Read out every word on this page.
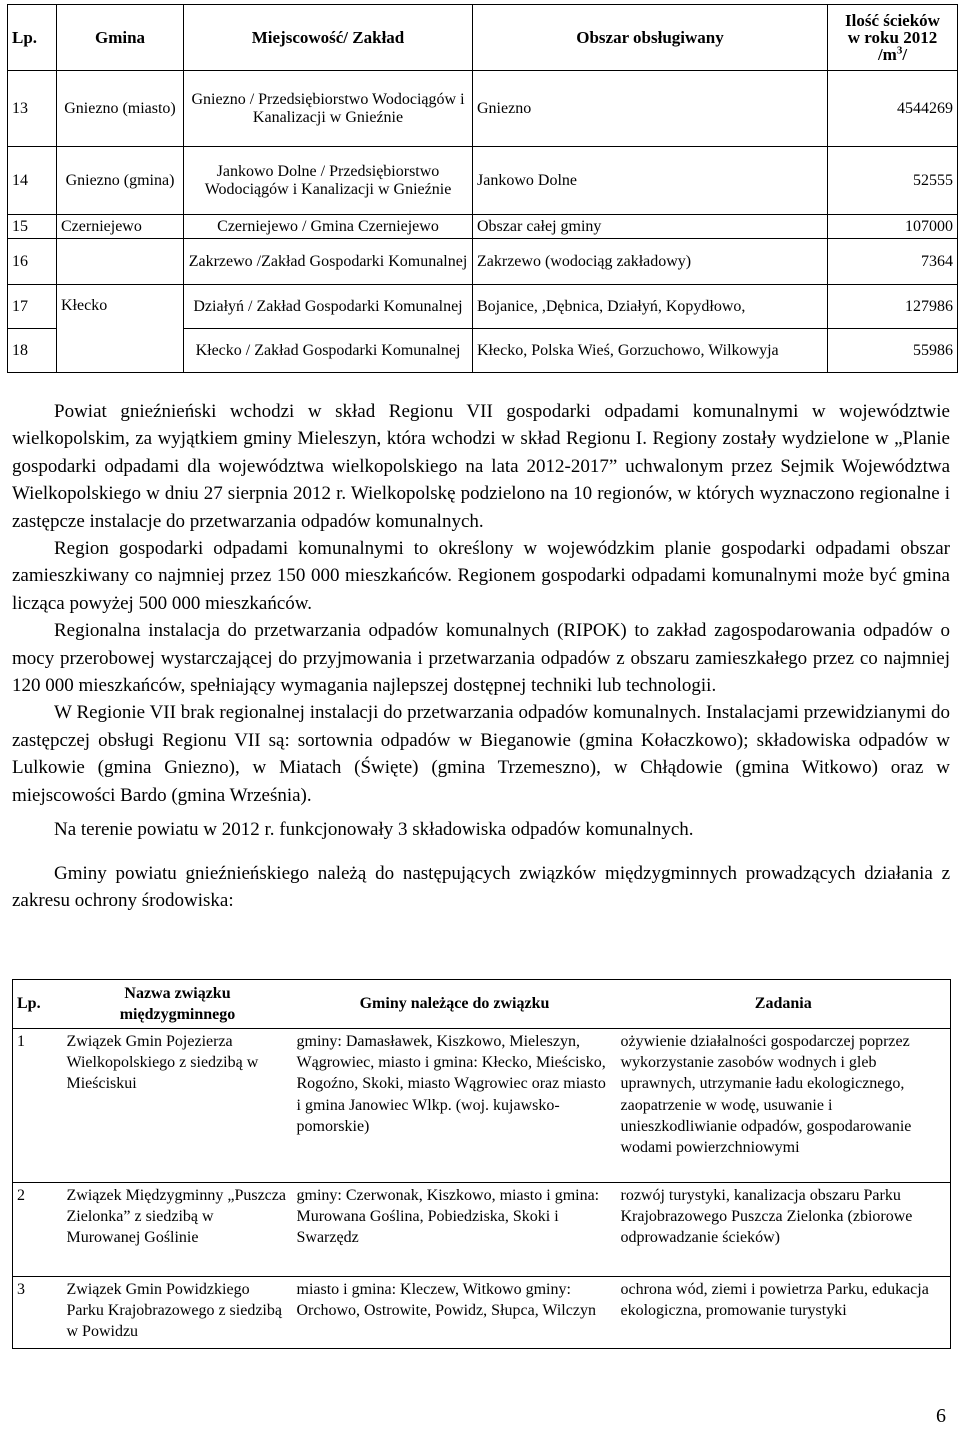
Lp.	Gmina	Miejscowość/ Zakład	Obszar obsługiwany	Ilość ścieków
w roku 2012
$/m^3/$
13	Gniezno (miasto)	Gniezno / Przedsiębiorstwo Wodociągów i Kanalizacji w Gnieźnie	Gniezno	4544269
14	Gniezno (gmina)	Jankowo Dolne / Przedsiębiorstwo Wodociągów i Kanalizacji w Gnieźnie	Jankowo Dolne	52555
15	Czerniejewo	Czerniejewo / Gmina Czerniejewo	Obszar całej gminy	107000
16		Zakrzewo /Zakład Gospodarki Komunalnej	Zakrzewo (wodociąg zakładowy)	7364
17	Kłecko	Działyń / Zakład Gospodarki Komunalnej	Bojanice, ,Dębnica, Działyń, Kopydłowo,	127986
18		Kłecko / Zakład Gospodarki Komunalnej	Kłecko, Polska Wieś, Gorzuchowo, Wilkowyja	55986

Powiat gnieźnieński wchodzi w skład Regionu VII gospodarki odpadami komunalnymi w województwie wielkopolskim, za wyjątkiem gminy Mieleszyn, która wchodzi w skład Regionu I. Regiony zostały wydzielone w „Planie gospodarki odpadami dla województwa wielkopolskiego na lata 2012-2017” uchwalonym przez Sejmik Województwa Wielkopolskiego w dniu 27 sierpnia 2012 r. Wielkopolskę podzielono na 10 regionów, w których wyznaczono regionalne i zastępcze instalacje do przetwarzania odpadów komunalnych.

Region gospodarki odpadami komunalnymi to określony w wojewódzkim planie gospodarki odpadami obszar zamieszkiwany co najmniej przez 150 000 mieszkańców. Regionem gospodarki odpadami komunalnymi może być gmina licząca powyżej 500 000 mieszkańców.

Regionalna instalacja do przetwarzania odpadów komunalnych (RIPOK) to zakład zagospodarowania odpadów o mocy przerobowej wystarczającej do przyjmowania i przetwarzania odpadów z obszaru zamieszkałego przez co najmniej 120 000 mieszkańców, spełniający wymagania najlepszej dostępnej techniki lub technologii.

W Regionie VII brak regionalnej instalacji do przetwarzania odpadów komunalnych. Instalacjami przewidzianymi do zastępczej obsługi Regionu VII są: sortownia odpadów w Bieganowie (gmina Kołaczkowo); składowiska odpadów w Lulkowie (gmina Gniezno), w Miatach (Święte) (gmina Trzemeszno), w Chłądowie (gmina Witkowo) oraz w miejscowości Bardo (gmina Września).

Na terenie powiatu w 2012 r. funkcjonowały 3 składowiska odpadów komunalnych.

Gminy powiatu gnieźnieńskiego należą do następujących związków międzygminnych prowadzących działania z zakresu ochrony środowiska:

Lp.	Nazwa związku międzygminnego	Gminy należące do związku	Zadania
1	Związek Gmin Pojezierza Wielkopolskiego z siedzibą w Mieściskui	gminy: Damasławek, Kiszkowo, Mieleszyn, Wągrowiec, miasto i gmina: Kłecko, Mieścisko, Rogoźno, Skoki, miasto Wągrowiec oraz miasto i gmina Janowiec Wlkp. (woj. kujawsko-pomorskie)	ożywienie działalności gospodarczej poprzez wykorzystanie zasobów wodnych i gleb uprawnych, utrzymanie ładu ekologicznego, zaopatrzenie w wodę, usuwanie i unieszkodliwianie odpadów, gospodarowanie wodami powierzchniowymi
2	Związek Międzygminny „Puszcza Zielonka” z siedzibą w Murowanej Goślinie	gminy: Czerwonak, Kiszkowo, miasto i gmina: Murowana Goślina, Pobiedziska, Skoki i Swarzędz	rozwój turystyki, kanalizacja obszaru Parku Krajobrazowego Puszcza Zielonka (zbiorowe odprowadzanie ścieków)
3	Związek Gmin Powidzkiego Parku Krajobrazowego z siedzibą w Powidzu	miasto i gmina: Kleczew, Witkowo gminy: Orchowo, Ostrowite, Powidz, Słupca, Wilczyn	ochrona wód, ziemi i powietrza Parku, edukacja ekologiczna, promowanie turystyki
6
